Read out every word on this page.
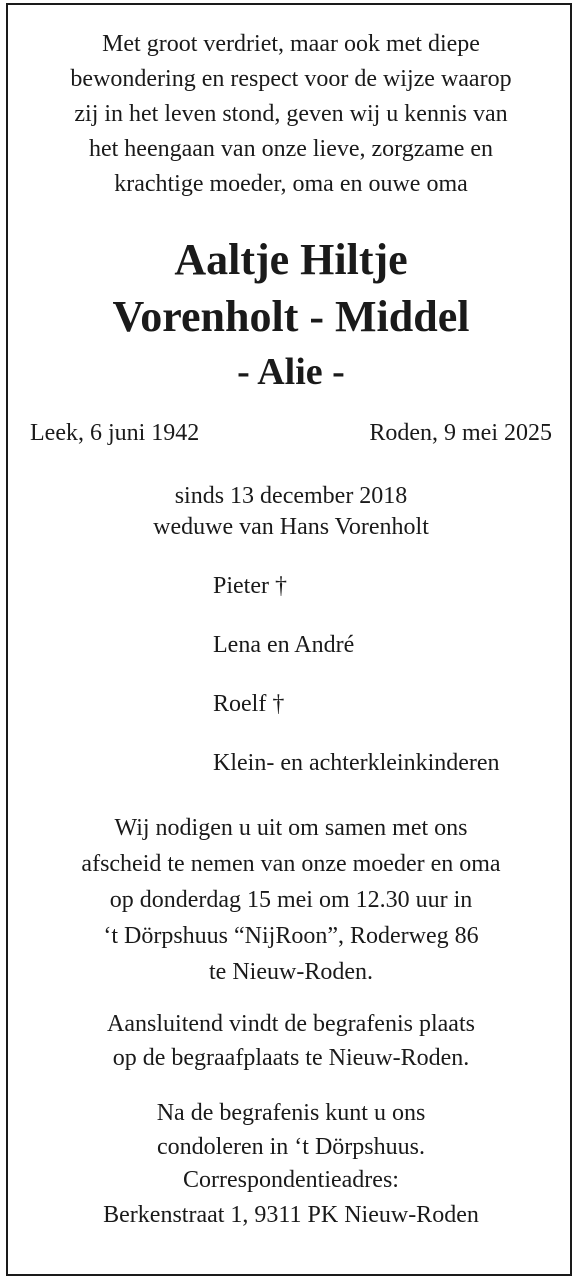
Met groot verdriet, maar ook met diepe
bewondering en respect voor de wijze waarop
zij in het leven stond, geven wij u kennis van
het heengaan van onze lieve, zorgzame en
krachtige moeder, oma en ouwe oma
Aaltje Hiltje
Vorenholt - Middel
- Alie -
Leek, 6 juni 1942	Roden, 9 mei 2025
sinds 13 december 2018
weduwe van Hans Vorenholt
Pieter †
Lena en André
Roelf †
Klein- en achterkleinkinderen
Wij nodigen u uit om samen met ons
afscheid te nemen van onze moeder en oma
op donderdag 15 mei om 12.30 uur in
‘t Dörpshuus “NijRoon”, Roderweg 86
te Nieuw-Roden.
Aansluitend vindt de begrafenis plaats
op de begraafplaats te Nieuw-Roden.
Na de begrafenis kunt u ons
condoleren in ‘t Dörpshuus.
Correspondentieadres:
Berkenstraat 1, 9311 PK Nieuw-Roden
